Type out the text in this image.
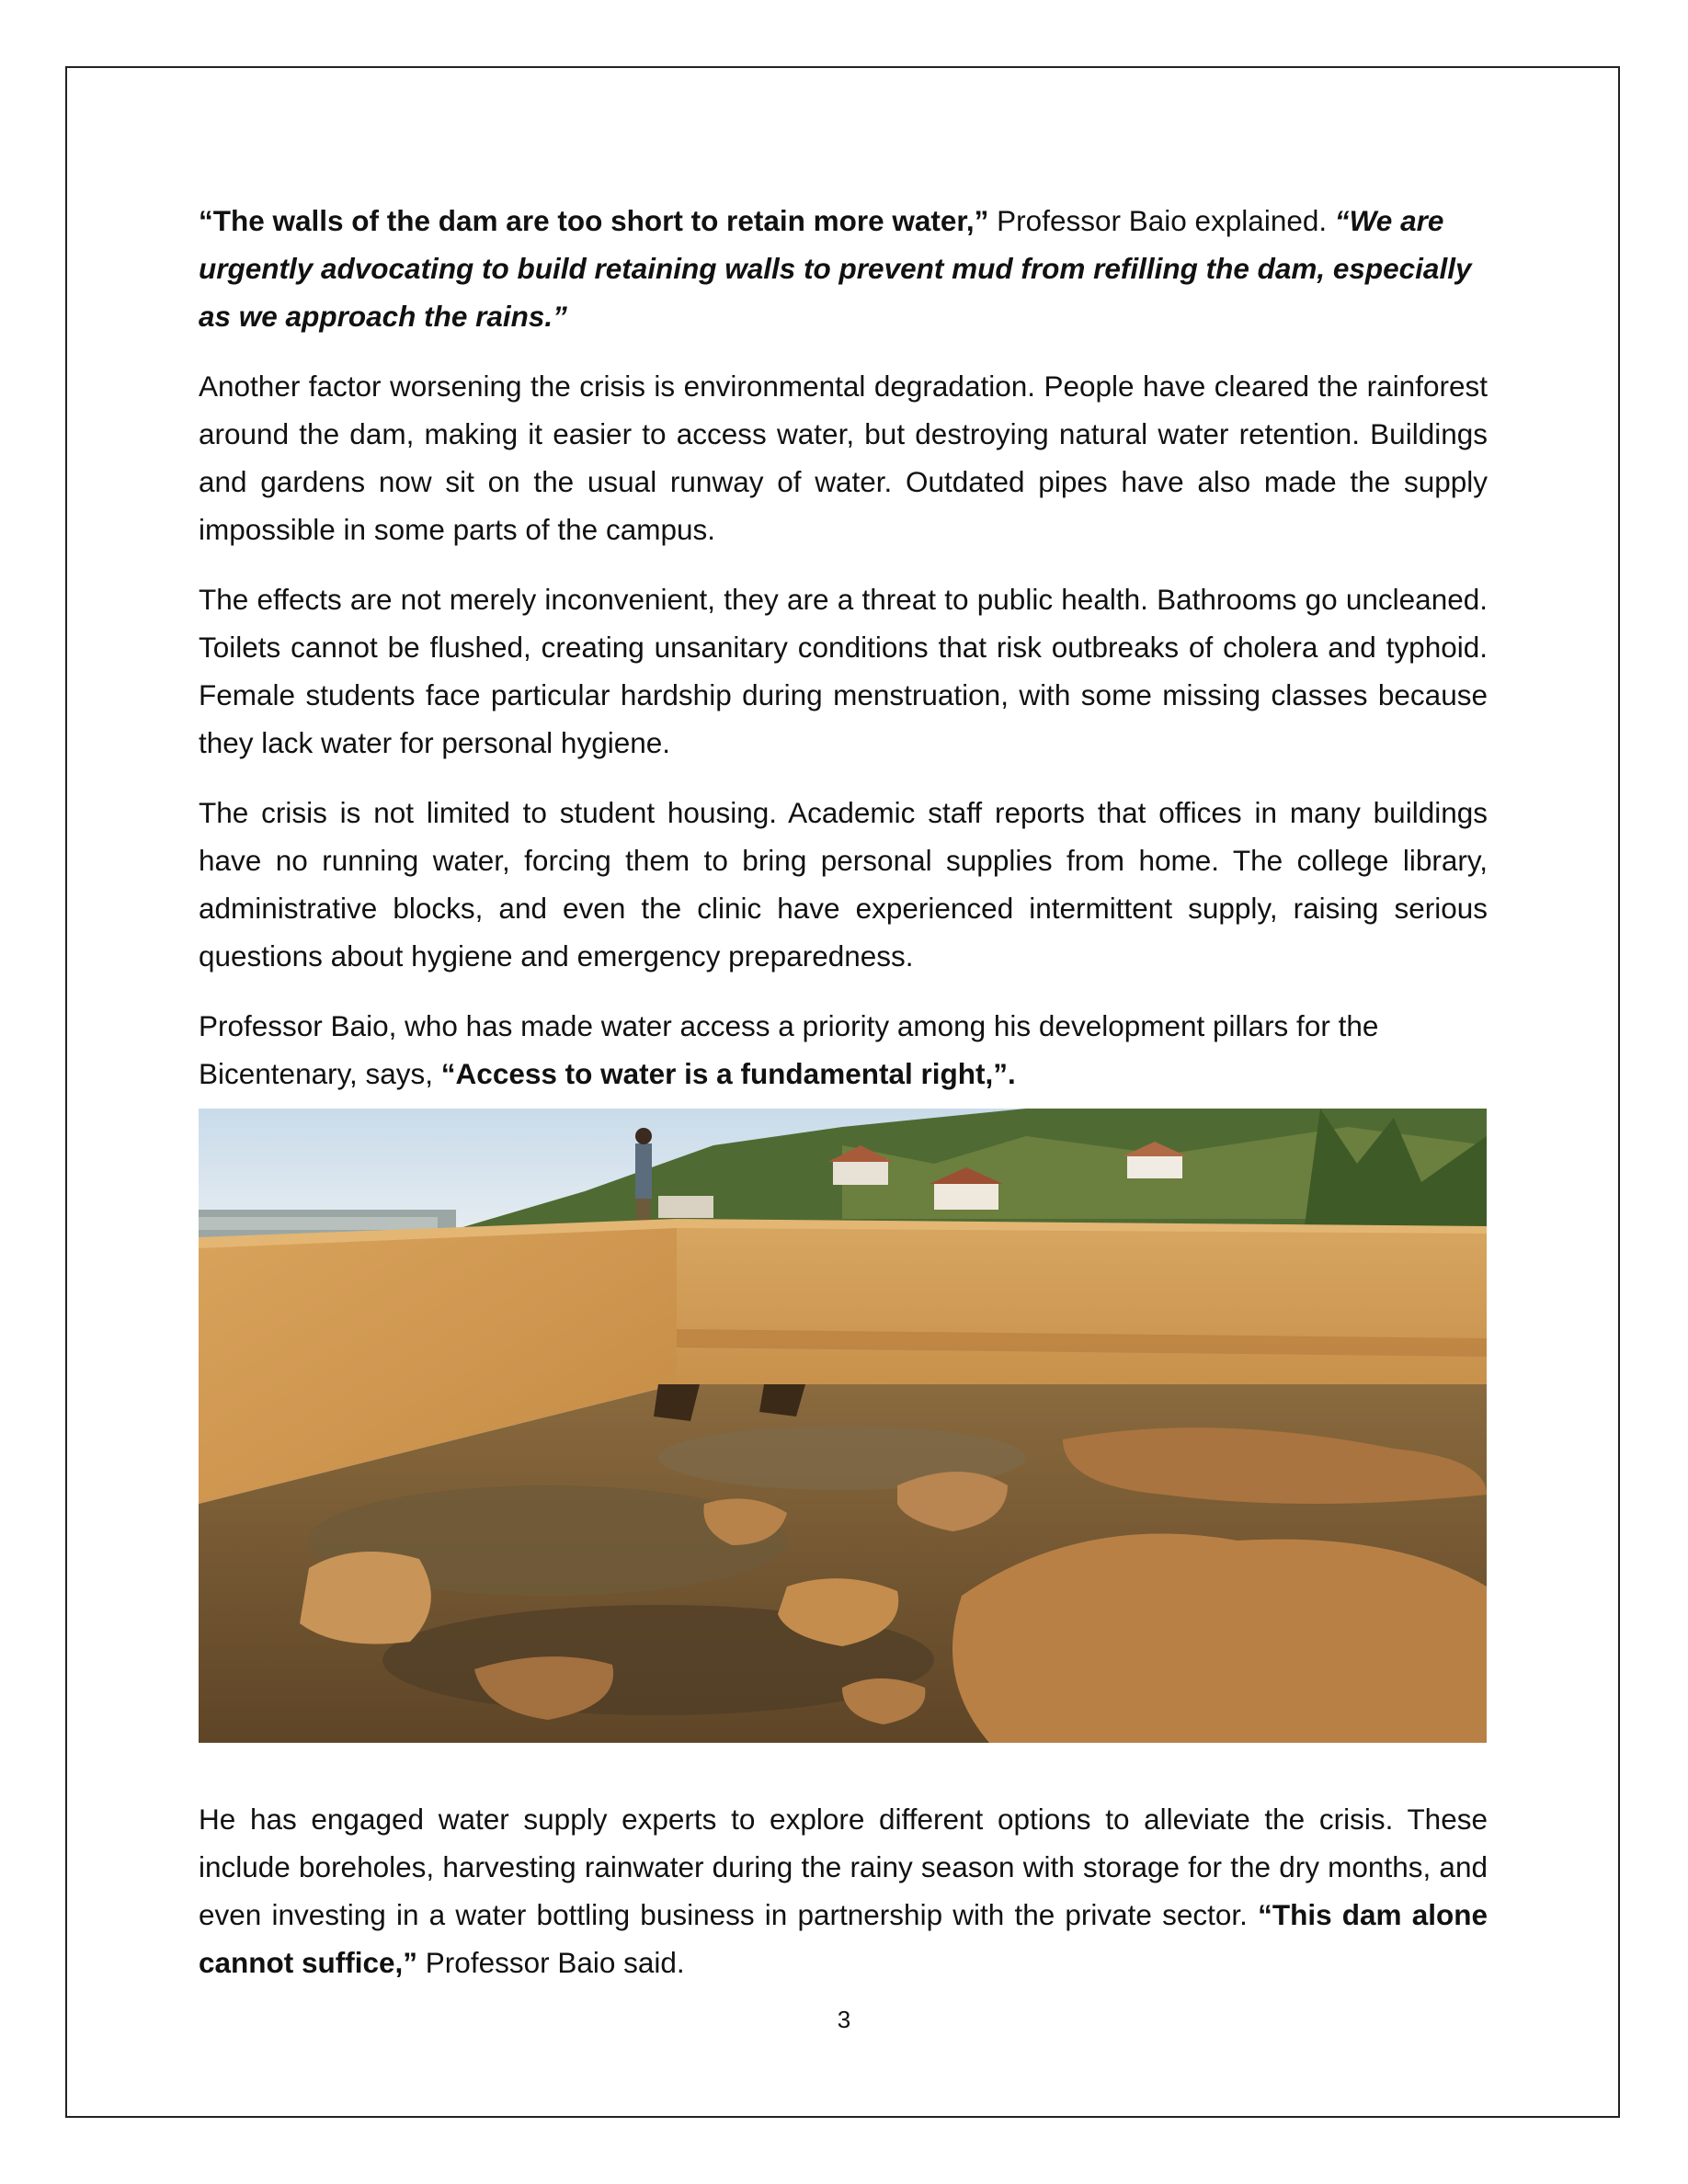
“The walls of the dam are too short to retain more water,” Professor Baio explained. “We are urgently advocating to build retaining walls to prevent mud from refilling the dam, especially as we approach the rains.”

Another factor worsening the crisis is environmental degradation. People have cleared the rainforest around the dam, making it easier to access water, but destroying natural water retention. Buildings and gardens now sit on the usual runway of water. Outdated pipes have also made the supply impossible in some parts of the campus.

The effects are not merely inconvenient, they are a threat to public health. Bathrooms go uncleaned. Toilets cannot be flushed, creating unsanitary conditions that risk outbreaks of cholera and typhoid. Female students face particular hardship during menstruation, with some missing classes because they lack water for personal hygiene.

The crisis is not limited to student housing. Academic staff reports that offices in many buildings have no running water, forcing them to bring personal supplies from home. The college library, administrative blocks, and even the clinic have experienced intermittent supply, raising serious questions about hygiene and emergency preparedness.

Professor Baio, who has made water access a priority among his development pillars for the Bicentenary, says, “Access to water is a fundamental right,”.

He has engaged water supply experts to explore different options to alleviate the crisis. These include boreholes, harvesting rainwater during the rainy season with storage for the dry months, and even investing in a water bottling business in partnership with the private sector. “This dam alone cannot suffice,” Professor Baio said.

3
